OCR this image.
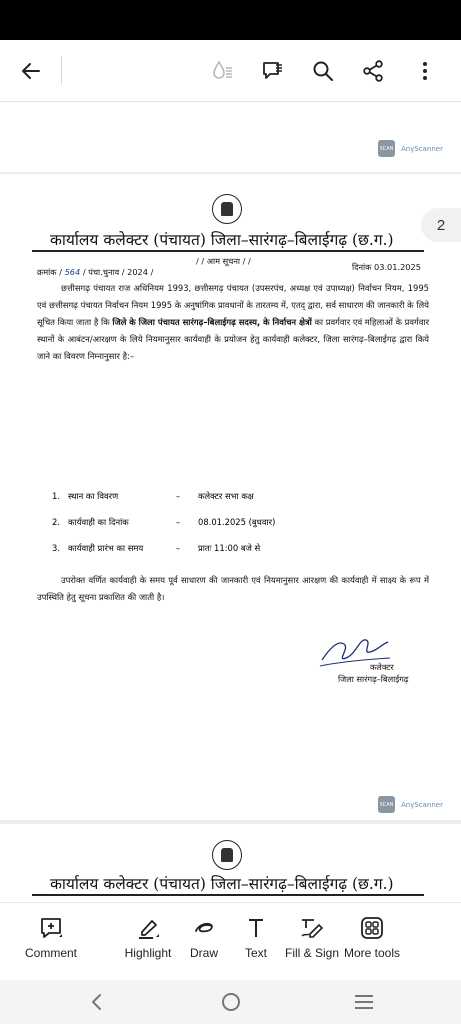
SCAN AnyScanner
कार्यालय कलेक्टर (पंचायत) जिला–सारंगढ़–बिलाईगढ़ (छ.ग.)
/ / आम सूचना / /
क्रमांक / 564 / पंचा.चुनाव / 2024 /	दिनांक 03.01.2025
छत्तीसगढ़ पंचायत राज अधिनियम 1993, छत्तीसगढ़ पंचायत (उपसरपंच, अध्यक्ष एवं उपाध्यक्ष) निर्वाचन नियम, 1995 एवं छत्तीसगढ़ पंचायत निर्वाचन नियम 1995 के अनुषांगिक प्रावधानों के तारतम्य में, एतद् द्वारा, सर्व साधारण की जानकारी के लिये सूचित किया जाता है कि जिले के जिला पंचायत सारंगढ़–बिलाईगढ़ सदस्य, के निर्वाचन क्षेत्रों का प्रवर्गवार एवं महिलाओं के प्रवर्गवार स्थानों के आबंटन/आरक्षण के लिये नियमानुसार कार्यवाही के प्रयोजन हेतु कार्यवाही कलेक्टर, जिला सारंगढ़–बिलाईगढ़ द्वारा किये जाने का विवरण निम्नानुसार है:–
1. स्थान का विवरण	–	कलेक्टर सभा कक्ष
2. कार्यवाही का दिनांक	–	08.01.2025 (बुधवार)
3. कार्यवाही प्रारंभ का समय	–	प्रातः 11:00 बजे से
उपरोक्त वर्णित कार्यवाही के समय पूर्व साधारण की जानकारी एवं नियमानुसार आरक्षण की कार्यवाही में साक्ष्य के रूप में उपस्थिति हेतु सूचना प्रकाशित की जाती है।
कलेक्टर
जिला सारंगढ़–बिलाईगढ़
SCAN AnyScanner
कार्यालय कलेक्टर (पंचायत) जिला–सारंगढ़–बिलाईगढ़ (छ.ग.)
2
Comment	Highlight Draw Text Fill & Sign More tools
